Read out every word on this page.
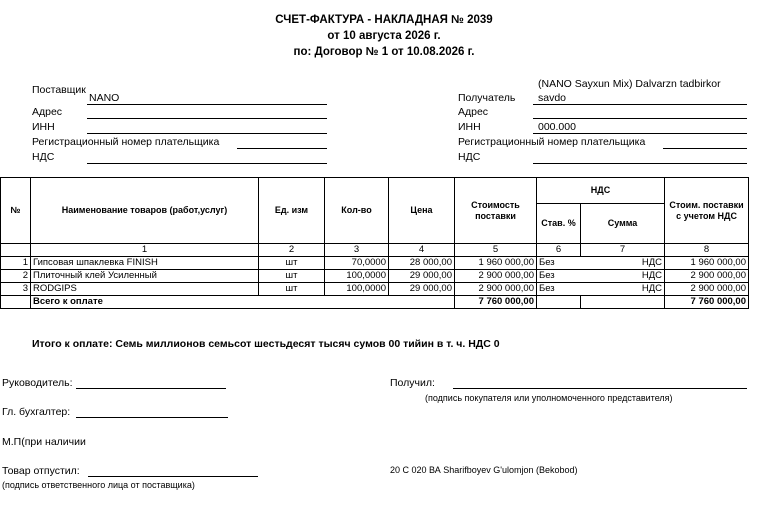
СЧЕТ-ФАКТУРА - НАКЛАДНАЯ № 2039
от 10 августа 2026 г.
по: Договор № 1 от 10.08.2026 г.
Поставщик
NANO
Адрес
ИНН
Регистрационный номер плательщика
НДС
(NANO Sayxun Mix) Dalvarzn tadbirkor
Получатель savdo
Адрес
ИНН	000.000
Регистрационный номер плательщика
НДС
№	Наименование товаров (работ,услуг)	Ед. изм	Кол-во	Цена	Стоимость поставки	НДС		Стоим. поставки с учетом НДС
						Став. %	Сумма	
	1	2	3	4	5	6	7	8
1	Гипсовая шпаклевка FINISH	шт	70,0000	28 000,00	1 960 000,00	Без	НДС	1 960 000,00
2	Плиточный клей Усиленный	шт	100,0000	29 000,00	2 900 000,00	Без	НДС	2 900 000,00
3	RODGIPS	шт	100,0000	29 000,00	2 900 000,00	Без	НДС	2 900 000,00
	Всего к оплате				7 760 000,00			7 760 000,00
Итого к оплате: Семь миллионов семьсот шестьдесят тысяч сумов 00 тийин в т. ч. НДС 0
Руководитель:	Получил:
(подпись покупателя или уполномоченного представителя)
Гл. бухгалтер:
М.П(при наличии
Товар отпустил:
(подпись ответственного лица от поставщика)
20 С 020 ВА Sharifboyev G'ulomjon (Bekobod)
